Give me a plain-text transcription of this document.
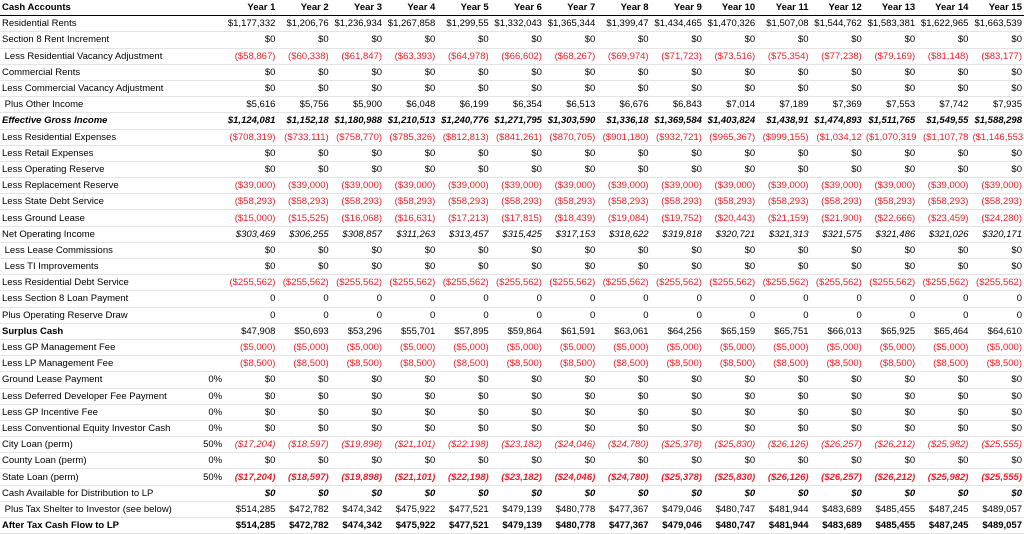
Cash Accounts		Year 1	Year 2	Year 3	Year 4	Year 5	Year 6	Year 7	Year 8	Year 9	Year 10	Year 11	Year 12	Year 13	Year 14	Year 15
Residential Rents		$1,177,332	$1,206,76	$1,236,934	$1,267,858	$1,299,55	$1,332,043	$1,365,344	$1,399,47	$1,434,465	$1,470,326	$1,507,08	$1,544,762	$1,583,381	$1,622,965	$1,663,539
Section 8 Rent Increment		$0	$0	$0	$0	$0	$0	$0	$0	$0	$0	$0	$0	$0	$0	$0
Less Residential Vacancy Adjustment		($58,867)	($60,338)	($61,847)	($63,393)	($64,978)	($66,602)	($68,267)	($69,974)	($71,723)	($73,516)	($75,354)	($77,238)	($79,169)	($81,148)	($83,177)
Commercial Rents		$0	$0	$0	$0	$0	$0	$0	$0	$0	$0	$0	$0	$0	$0	$0
Less Commercial Vacancy Adjustment		$0	$0	$0	$0	$0	$0	$0	$0	$0	$0	$0	$0	$0	$0	$0
Plus Other Income		$5,616	$5,756	$5,900	$6,048	$6,199	$6,354	$6,513	$6,676	$6,843	$7,014	$7,189	$7,369	$7,553	$7,742	$7,935
Effective Gross Income		$1,124,081	$1,152,18	$1,180,988	$1,210,513	$1,240,776	$1,271,795	$1,303,590	$1,336,18	$1,369,584	$1,403,824	$1,438,91	$1,474,893	$1,511,765	$1,549,55	$1,588,298
Less Residential Expenses		($708,319)	($733,111)	($758,770)	($785,326)	($812,813)	($841,261)	($870,705)	($901,180)	($932,721)	($965,367)	($999,155)	($1,034,12	($1,070,319	($1,107,78	($1,146,553
Less Retail Expenses		$0	$0	$0	$0	$0	$0	$0	$0	$0	$0	$0	$0	$0	$0	$0
Less Operating Reserve		$0	$0	$0	$0	$0	$0	$0	$0	$0	$0	$0	$0	$0	$0	$0
Less Replacement Reserve		($39,000)	($39,000)	($39,000)	($39,000)	($39,000)	($39,000)	($39,000)	($39,000)	($39,000)	($39,000)	($39,000)	($39,000)	($39,000)	($39,000)	($39,000)
Less State Debt Service		($58,293)	($58,293)	($58,293)	($58,293)	($58,293)	($58,293)	($58,293)	($58,293)	($58,293)	($58,293)	($58,293)	($58,293)	($58,293)	($58,293)	($58,293)
Less Ground Lease		($15,000)	($15,525)	($16,068)	($16,631)	($17,213)	($17,815)	($18,439)	($19,084)	($19,752)	($20,443)	($21,159)	($21,900)	($22,666)	($23,459)	($24,280)
Net Operating Income		$303,469	$306,255	$308,857	$311,263	$313,457	$315,425	$317,153	$318,622	$319,818	$320,721	$321,313	$321,575	$321,486	$321,026	$320,171
Less Lease Commissions		$0	$0	$0	$0	$0	$0	$0	$0	$0	$0	$0	$0	$0	$0	$0
Less TI Improvements		$0	$0	$0	$0	$0	$0	$0	$0	$0	$0	$0	$0	$0	$0	$0
Less Residential Debt Service		($255,562)	($255,562)	($255,562)	($255,562)	($255,562)	($255,562)	($255,562)	($255,562)	($255,562)	($255,562)	($255,562)	($255,562)	($255,562)	($255,562)	($255,562)
Less Section 8 Loan Payment		0	0	0	0	0	0	0	0	0	0	0	0	0	0	0
Plus Operating Reserve Draw		0	0	0	0	0	0	0	0	0	0	0	0	0	0	0
Surplus Cash		$47,908	$50,693	$53,296	$55,701	$57,895	$59,864	$61,591	$63,061	$64,256	$65,159	$65,751	$66,013	$65,925	$65,464	$64,610
Less GP Management Fee		($5,000)	($5,000)	($5,000)	($5,000)	($5,000)	($5,000)	($5,000)	($5,000)	($5,000)	($5,000)	($5,000)	($5,000)	($5,000)	($5,000)	($5,000)
Less LP Management Fee		($8,500)	($8,500)	($8,500)	($8,500)	($8,500)	($8,500)	($8,500)	($8,500)	($8,500)	($8,500)	($8,500)	($8,500)	($8,500)	($8,500)	($8,500)
Ground Lease Payment	0%	$0	$0	$0	$0	$0	$0	$0	$0	$0	$0	$0	$0	$0	$0	$0
Less Deferred Developer Fee Payment	0%	$0	$0	$0	$0	$0	$0	$0	$0	$0	$0	$0	$0	$0	$0	$0
Less GP Incentive Fee	0%	$0	$0	$0	$0	$0	$0	$0	$0	$0	$0	$0	$0	$0	$0	$0
Less Conventional Equity Investor Cash	0%	$0	$0	$0	$0	$0	$0	$0	$0	$0	$0	$0	$0	$0	$0	$0
City Loan (perm)	50%	($17,204)	($18,597)	($19,898)	($21,101)	($22,198)	($23,182)	($24,046)	($24,780)	($25,378)	($25,830)	($26,126)	($26,257)	($26,212)	($25,982)	($25,555)
County Loan (perm)	0%	$0	$0	$0	$0	$0	$0	$0	$0	$0	$0	$0	$0	$0	$0	$0
State Loan (perm)	50%	($17,204)	($18,597)	($19,898)	($21,101)	($22,198)	($23,182)	($24,046)	($24,780)	($25,378)	($25,830)	($26,126)	($26,257)	($26,212)	($25,982)	($25,555)
Cash Available for Distribution to LP		$0	$0	$0	$0	$0	$0	$0	$0	$0	$0	$0	$0	$0	$0	$0
Plus Tax Shelter to Investor (see below)		$514,285	$472,782	$474,342	$475,922	$477,521	$479,139	$480,778	$477,367	$479,046	$480,747	$481,944	$483,689	$485,455	$487,245	$489,057
After Tax Cash Flow to LP		$514,285	$472,782	$474,342	$475,922	$477,521	$479,139	$480,778	$477,367	$479,046	$480,747	$481,944	$483,689	$485,455	$487,245	$489,057
